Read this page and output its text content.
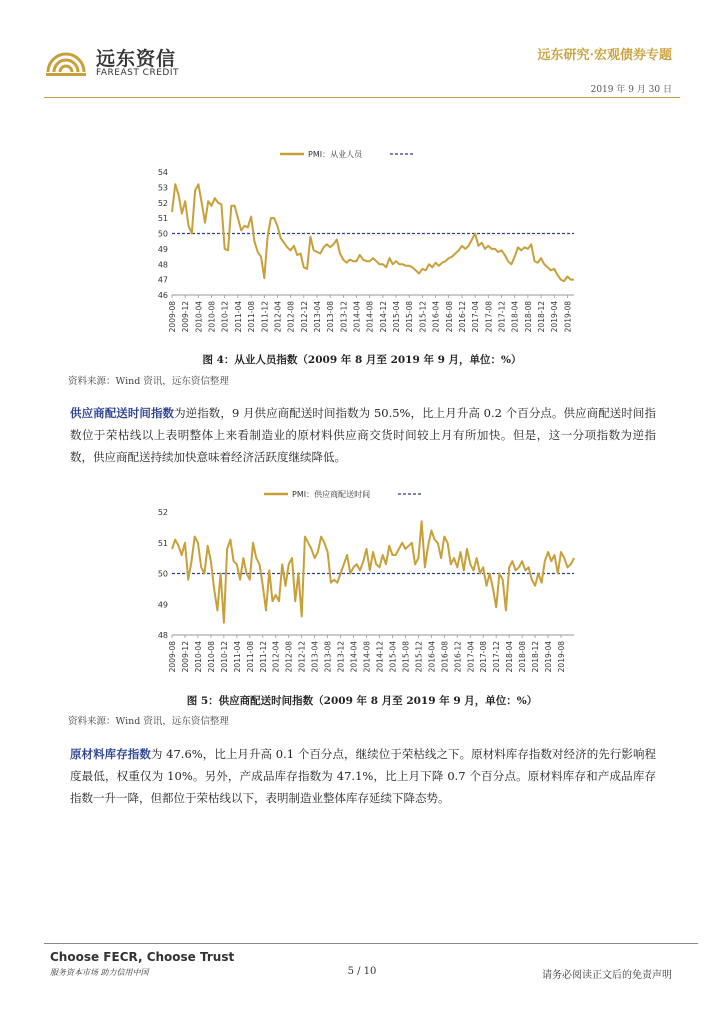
远东资信
FAREAST CREDIT
远东研究·宏观债券专题
2019 年 9 月 30 日
PMI：从业人员
46
47
48
49
50
51
52
53
54
2009-08 2009-12 2010-04 2010-08 2010-12 2011-04 2011-08 2011-12 2012-04 2012-08 2012-12 2013-04 2013-08 2013-12 2014-04 2014-08 2014-12 2015-04 2015-08 2015-12 2016-04 2016-08 2016-12 2017-04 2017-08 2017-12 2018-04 2018-08 2018-12 2019-04 2019-08
图 4：从业人员指数（2009 年 8 月至 2019 年 9 月，单位：%）
资料来源：Wind 资讯，远东资信整理
供应商配送时间指数为逆指数，9 月供应商配送时间指数为 50.5%，比上月升高 0.2 个百分点。供应商配送时间指数位于荣枯线以上表明整体上来看制造业的原材料供应商交货时间较上月有所加快。但是，这一分项指数为逆指数，供应商配送持续加快意味着经济活跃度继续降低。
PMI：供应商配送时间
48
49
50
51
52
2009-08 2009-12 2010-04 2010-08 2010-12 2011-04 2011-08 2011-12 2012-04 2012-08 2012-12 2013-04 2013-08 2013-12 2014-04 2014-08 2014-12 2015-04 2015-08 2015-12 2016-04 2016-08 2016-12 2017-04 2017-08 2017-12 2018-04 2018-08 2018-12 2019-04 2019-08
图 5：供应商配送时间指数（2009 年 8 月至 2019 年 9 月，单位：%）
资料来源：Wind 资讯，远东资信整理
原材料库存指数为 47.6%，比上月升高 0.1 个百分点，继续位于荣枯线之下。原材料库存指数对经济的先行影响程度最低，权重仅为 10%。另外，产成品库存指数为 47.1%，比上月下降 0.7 个百分点。原材料库存和产成品库存指数一升一降，但都位于荣枯线以下，表明制造业整体库存延续下降态势。
Choose FECR, Choose Trust
服务资本市场 助力信用中国	5 / 10	请务必阅读正文后的免责声明
